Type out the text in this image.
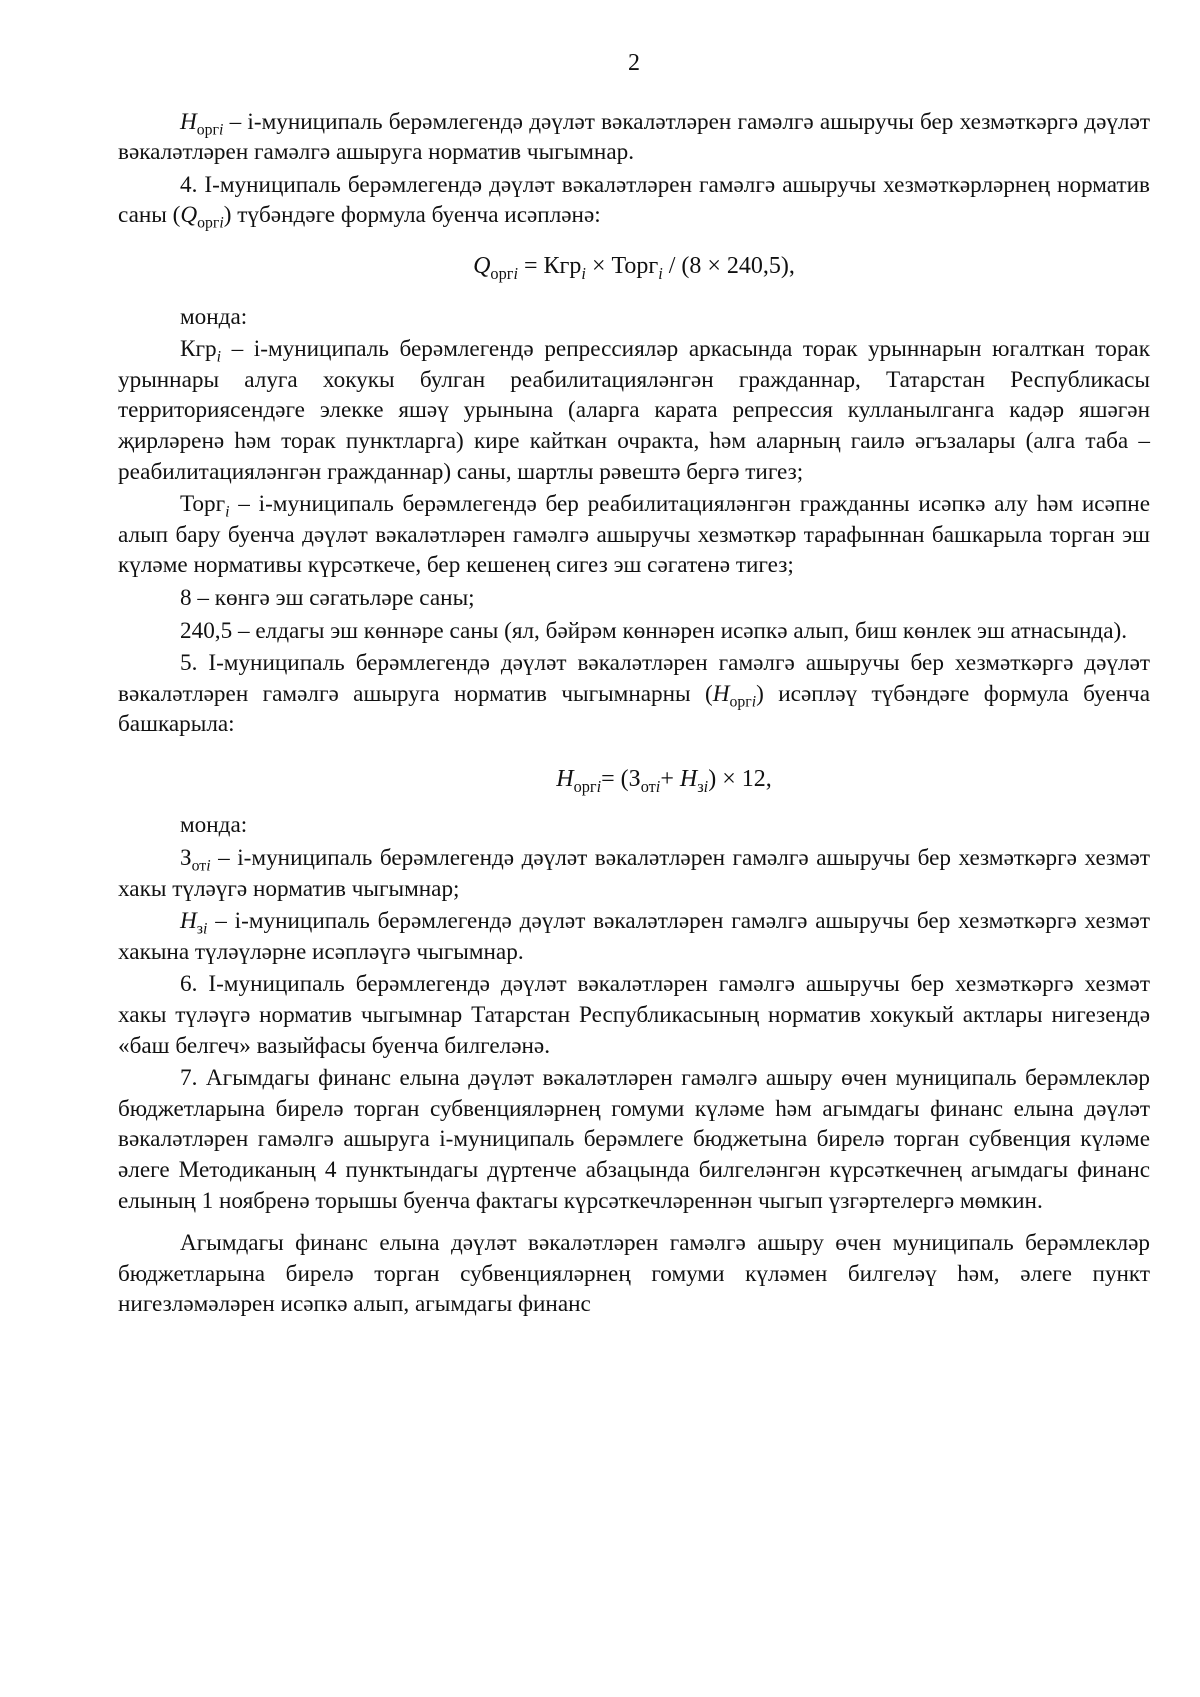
2

$H_{оргi}$ – i-муниципаль берәмлегендә дәүләт вәкаләтләрен гамәлгә ашыручы бер хезмәткәргә дәүләт вәкаләтләрен гамәлгә ашыруга норматив чыгымнар.

4. I-муниципаль берәмлегендә дәүләт вәкаләтләрен гамәлгә ашыручы хезмәткәрләрнең норматив саны $(Q_{оргi})$ түбәндәге формула буенча исәпләнә:

$Q_{оргi} = Кгр_i$ × Торг$_i$ / (8 × 240,5),

монда:

Кгр$_i$ – i-муниципаль берәмлегендә репрессияләр аркасында торак урыннарын югалткан торак урыннары алуга хокукы булган реабилитацияләнгән гражданнар, Татарстан Республикасы территориясендәге элекке яшәү урынына (аларга карата репрессия кулланылганга кадәр яшәгән җирләренә һәм торак пунктларга) кире кайткан очракта, һәм аларның гаилә әгъзалары (алга таба – реабилитацияләнгән гражданнар) саны, шартлы рәвештә бергә тигез;

Торг$_i$ – i-муниципаль берәмлегендә бер реабилитацияләнгән гражданны исәпкә алу һәм исәпне алып бару буенча дәүләт вәкаләтләрен гамәлгә ашыручы хезмәткәр тарафыннан башкарыла торган эш күләме нормативы күрсәткече, бер кешенең сигез эш сәгатенә тигез;

8 – көнгә эш сәгатьләре саны;

240,5 – елдагы эш көннәре саны (ял, бәйрәм көннәрен исәпкә алып, биш көнлек эш атнасында).

5. I-муниципаль берәмлегендә дәүләт вәкаләтләрен гамәлгә ашыручы бер хезмәткәргә дәүләт вәкаләтләрен гамәлгә ашыруга норматив чыгымнарны $(H_{оргi})$ исәпләү түбәндәге формула буенча башкарыла:

$H_{оргi}= (З_{отi}+ H_{зi}) \times 12$,

монда:

$З_{отi}$ – i-муниципаль берәмлегендә дәүләт вәкаләтләрен гамәлгә ашыручы бер хезмәткәргә хезмәт хакы түләүгә норматив чыгымнар;

$H_{зi}$ – i-муниципаль берәмлегендә дәүләт вәкаләтләрен гамәлгә ашыручы бер хезмәткәргә хезмәт хакына түләүләрне исәпләүгә чыгымнар.

6. I-муниципаль берәмлегендә дәүләт вәкаләтләрен гамәлгә ашыручы бер хезмәткәргә хезмәт хакы түләүгә норматив чыгымнар Татарстан Республикасының норматив хокукый актлары нигезендә «баш белгеч» вазыйфасы буенча билгеләнә.

7. Агымдагы финанс елына дәүләт вәкаләтләрен гамәлгә ашыру өчен муниципаль берәмлекләр бюджетларына бирелә торган субвенцияләрнең гомуми күләме һәм агымдагы финанс елына дәүләт вәкаләтләрен гамәлгә ашыруга i-муниципаль берәмлеге бюджетына бирелә торган субвенция күләме әлеге Методиканың 4 пунктындагы дүртенче абзацында билгеләнгән күрсәткечнең агымдагы финанс елының 1 ноябренә торышы буенча фактагы күрсәткечләреннән чыгып үзгәртелергә мөмкин.

Агымдагы финанс елына дәүләт вәкаләтләрен гамәлгә ашыру өчен муниципаль берәмлекләр бюджетларына бирелә торган субвенцияләрнең гомуми күләмен билгеләү һәм, әлеге пункт нигезләмәләрен исәпкә алып, агымдагы финанс
